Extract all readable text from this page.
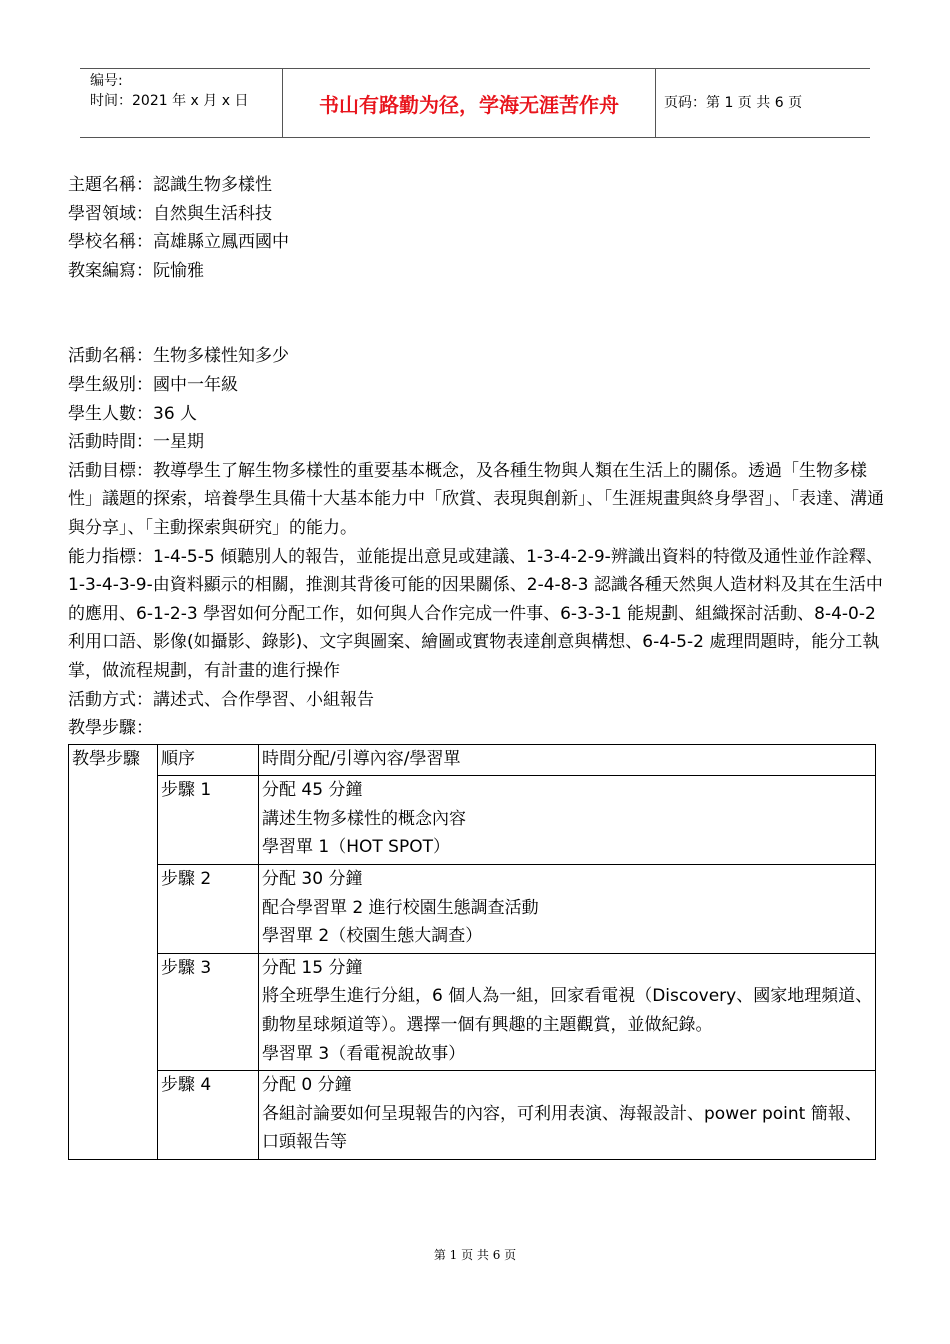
编号:
时间：2021 年 x 月 x 日	书山有路勤为径，学海无涯苦作舟	页码：第 1 页 共 6 页

主題名稱：認識生物多樣性

學習領域：自然與生活科技

學校名稱：高雄縣立鳳西國中

教案編寫：阮愉雅

活動名稱：生物多樣性知多少

學生級別：國中一年級

學生人數：36 人

活動時間：一星期

活動目標：教導學生了解生物多樣性的重要基本概念，及各種生物與人類在生活上的關係。透過「生物多樣性」議題的探索，培養學生具備十大基本能力中「欣賞、表現與創新」、「生涯規畫與終身學習」、「表達、溝通與分享」、「主動探索與研究」的能力。

能力指標：1-4-5-5 傾聽別人的報告，並能提出意見或建議、1-3-4-2-9-辨識出資料的特徵及通性並作詮釋、1-3-4-3-9-由資料顯示的相關，推測其背後可能的因果關係、2-4-8-3 認識各種天然與人造材料及其在生活中的應用、6-1-2-3 學習如何分配工作，如何與人合作完成一件事、6-3-3-1 能規劃、組織探討活動、8-4-0-2 利用口語、影像(如攝影、錄影)、文字與圖案、繪圖或實物表達創意與構想、6-4-5-2 處理問題時，能分工執掌，做流程規劃，有計畫的進行操作

活動方式：講述式、合作學習、小組報告

教學步驟：

教學步驟	順序	時間分配/引導內容/學習單
	步驟 1	分配 45 分鐘
講述生物多樣性的概念內容
學習單 1（HOT SPOT）

	步驟 2	分配 30 分鐘
配合學習單 2 進行校園生態調查活動
學習單 2（校園生態大調查）

	步驟 3	分配 15 分鐘
將全班學生進行分組，6 個人為一組，回家看電視（Discovery、國家地理頻道、動物星球頻道等）。選擇一個有興趣的主題觀賞，並做紀錄。
學習單 3（看電視說故事）

	步驟 4	分配 0 分鐘
各組討論要如何呈現報告的內容，可利用表演、海報設計、power point 簡報、口頭報告等
第 1 页 共 6 页
